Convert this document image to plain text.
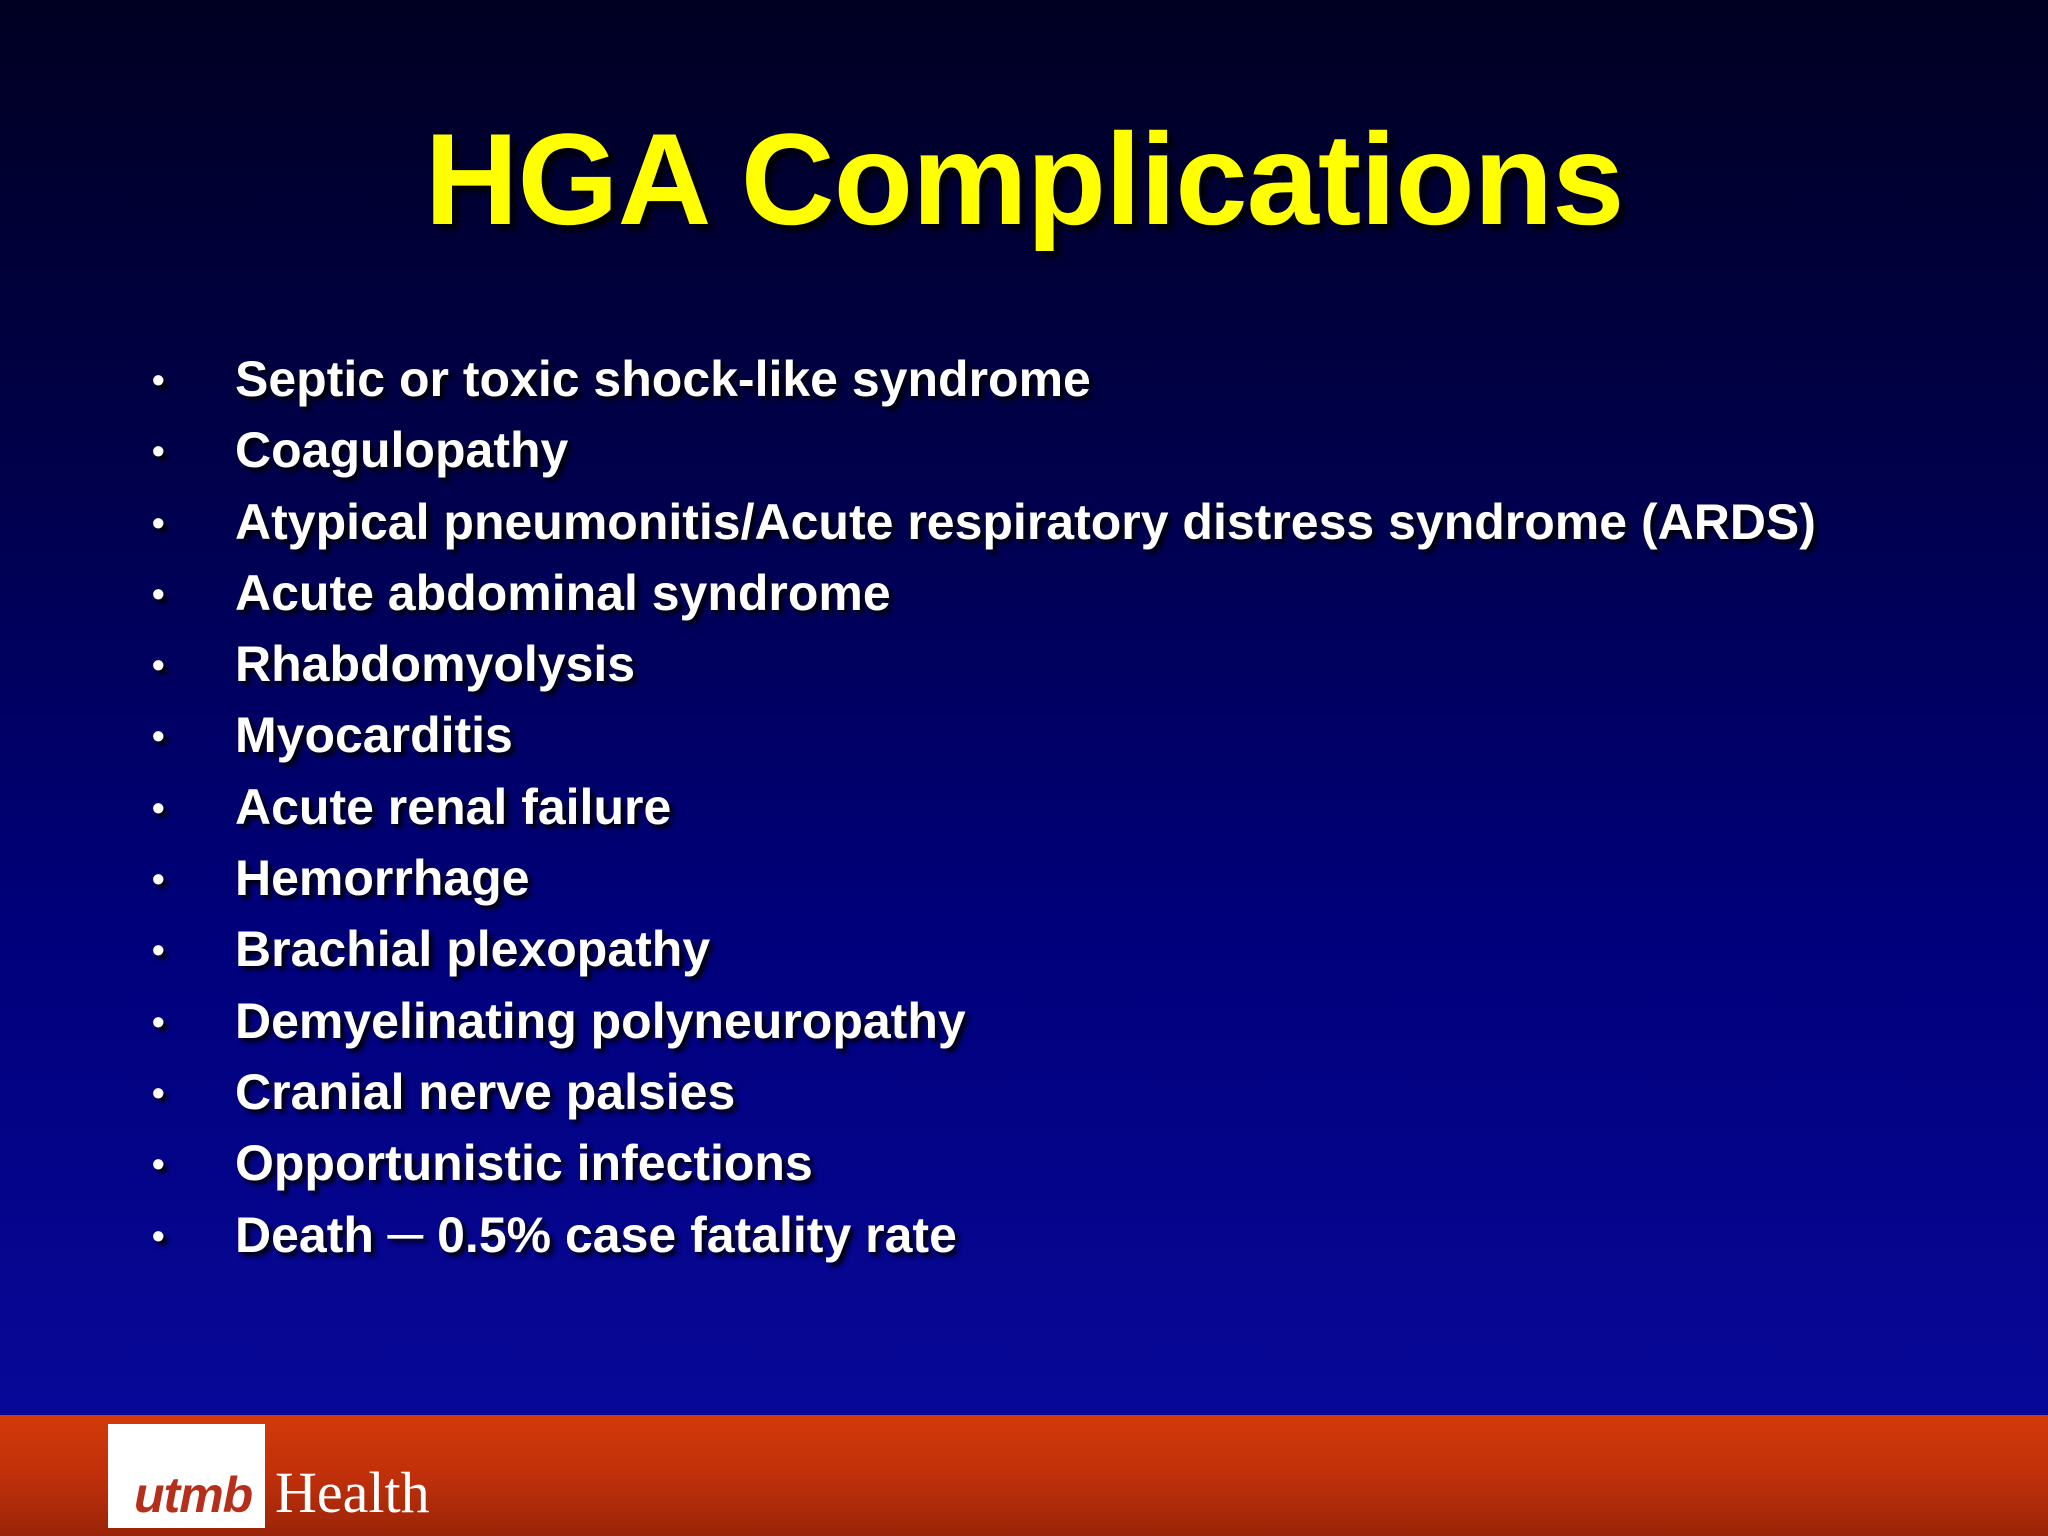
HGA Complications
• Septic or toxic shock-like syndrome
• Coagulopathy
• Atypical pneumonitis/Acute respiratory distress syndrome (ARDS)
• Acute abdominal syndrome
• Rhabdomyolysis
• Myocarditis
• Acute renal failure
• Hemorrhage
• Brachial plexopathy
• Demyelinating polyneuropathy
• Cranial nerve palsies
• Opportunistic infections
• Death ─ 0.5% case fatality rate
utmb Health
